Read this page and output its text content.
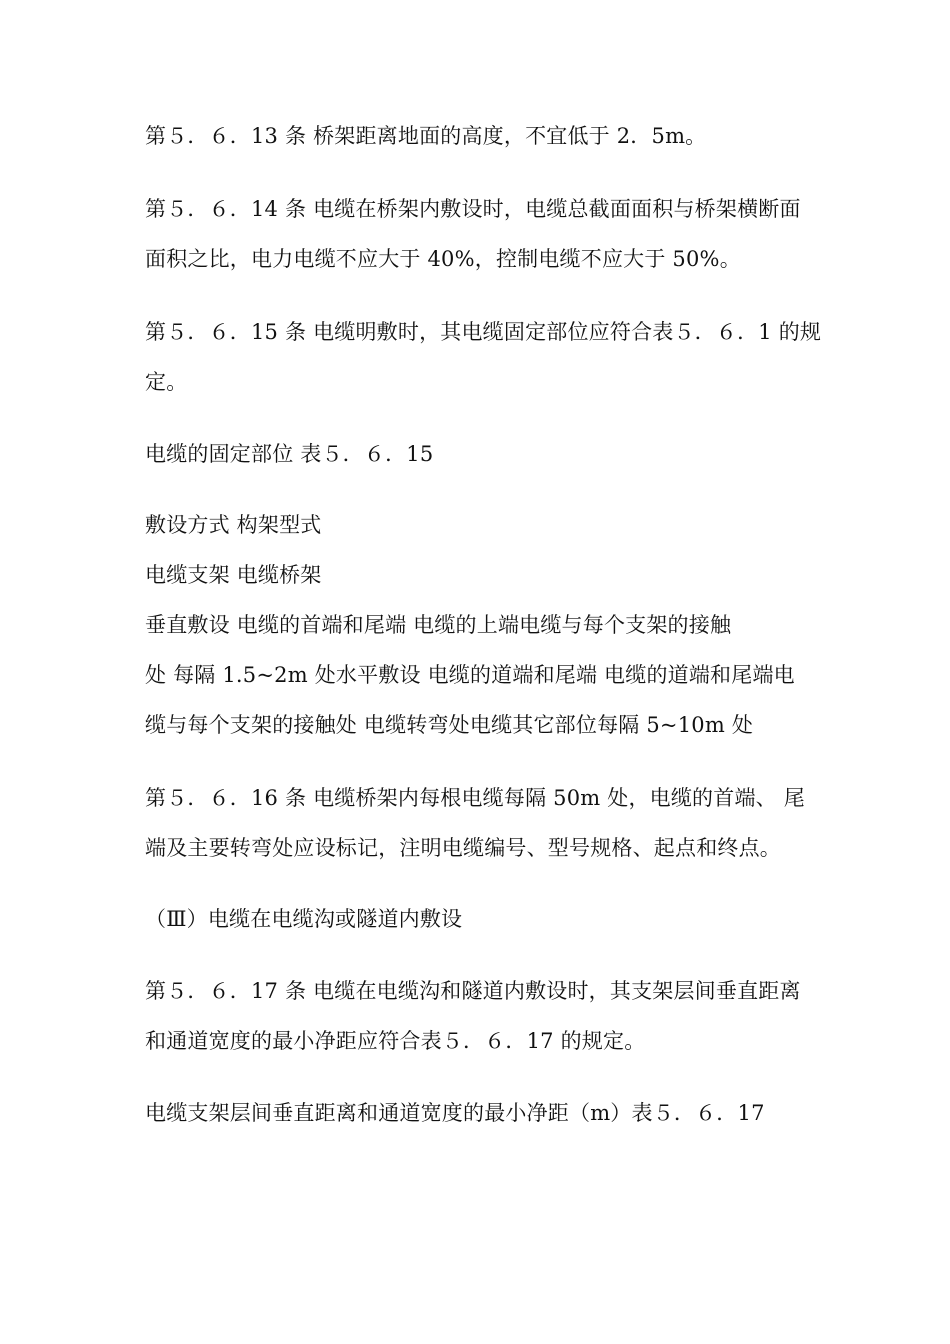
第５．６．13 条 桥架距离地面的高度，不宜低于 2．5m。
第５．６．14 条 电缆在桥架内敷设时，电缆总截面面积与桥架横断面
面积之比，电力电缆不应大于 40%，控制电缆不应大于 50%。
第５．６．15 条 电缆明敷时，其电缆固定部位应符合表５．６．1 的规
定。
电缆的固定部位 表５．６．15
敷设方式 构架型式
电缆支架 电缆桥架
垂直敷设 电缆的首端和尾端 电缆的上端电缆与每个支架的接触
处 每隔 1.5~2m 处水平敷设 电缆的道端和尾端 电缆的道端和尾端电
缆与每个支架的接触处 电缆转弯处电缆其它部位每隔 5~10m 处
第５．６．16 条 电缆桥架内每根电缆每隔 50m 处，电缆的首端、 尾
端及主要转弯处应设标记，注明电缆编号、型号规格、起点和终点。
（Ⅲ）电缆在电缆沟或隧道内敷设
第５．６．17 条 电缆在电缆沟和隧道内敷设时，其支架层间垂直距离
和通道宽度的最小净距应符合表５．６．17 的规定。
电缆支架层间垂直距离和通道宽度的最小净距（m）表５．６．17
